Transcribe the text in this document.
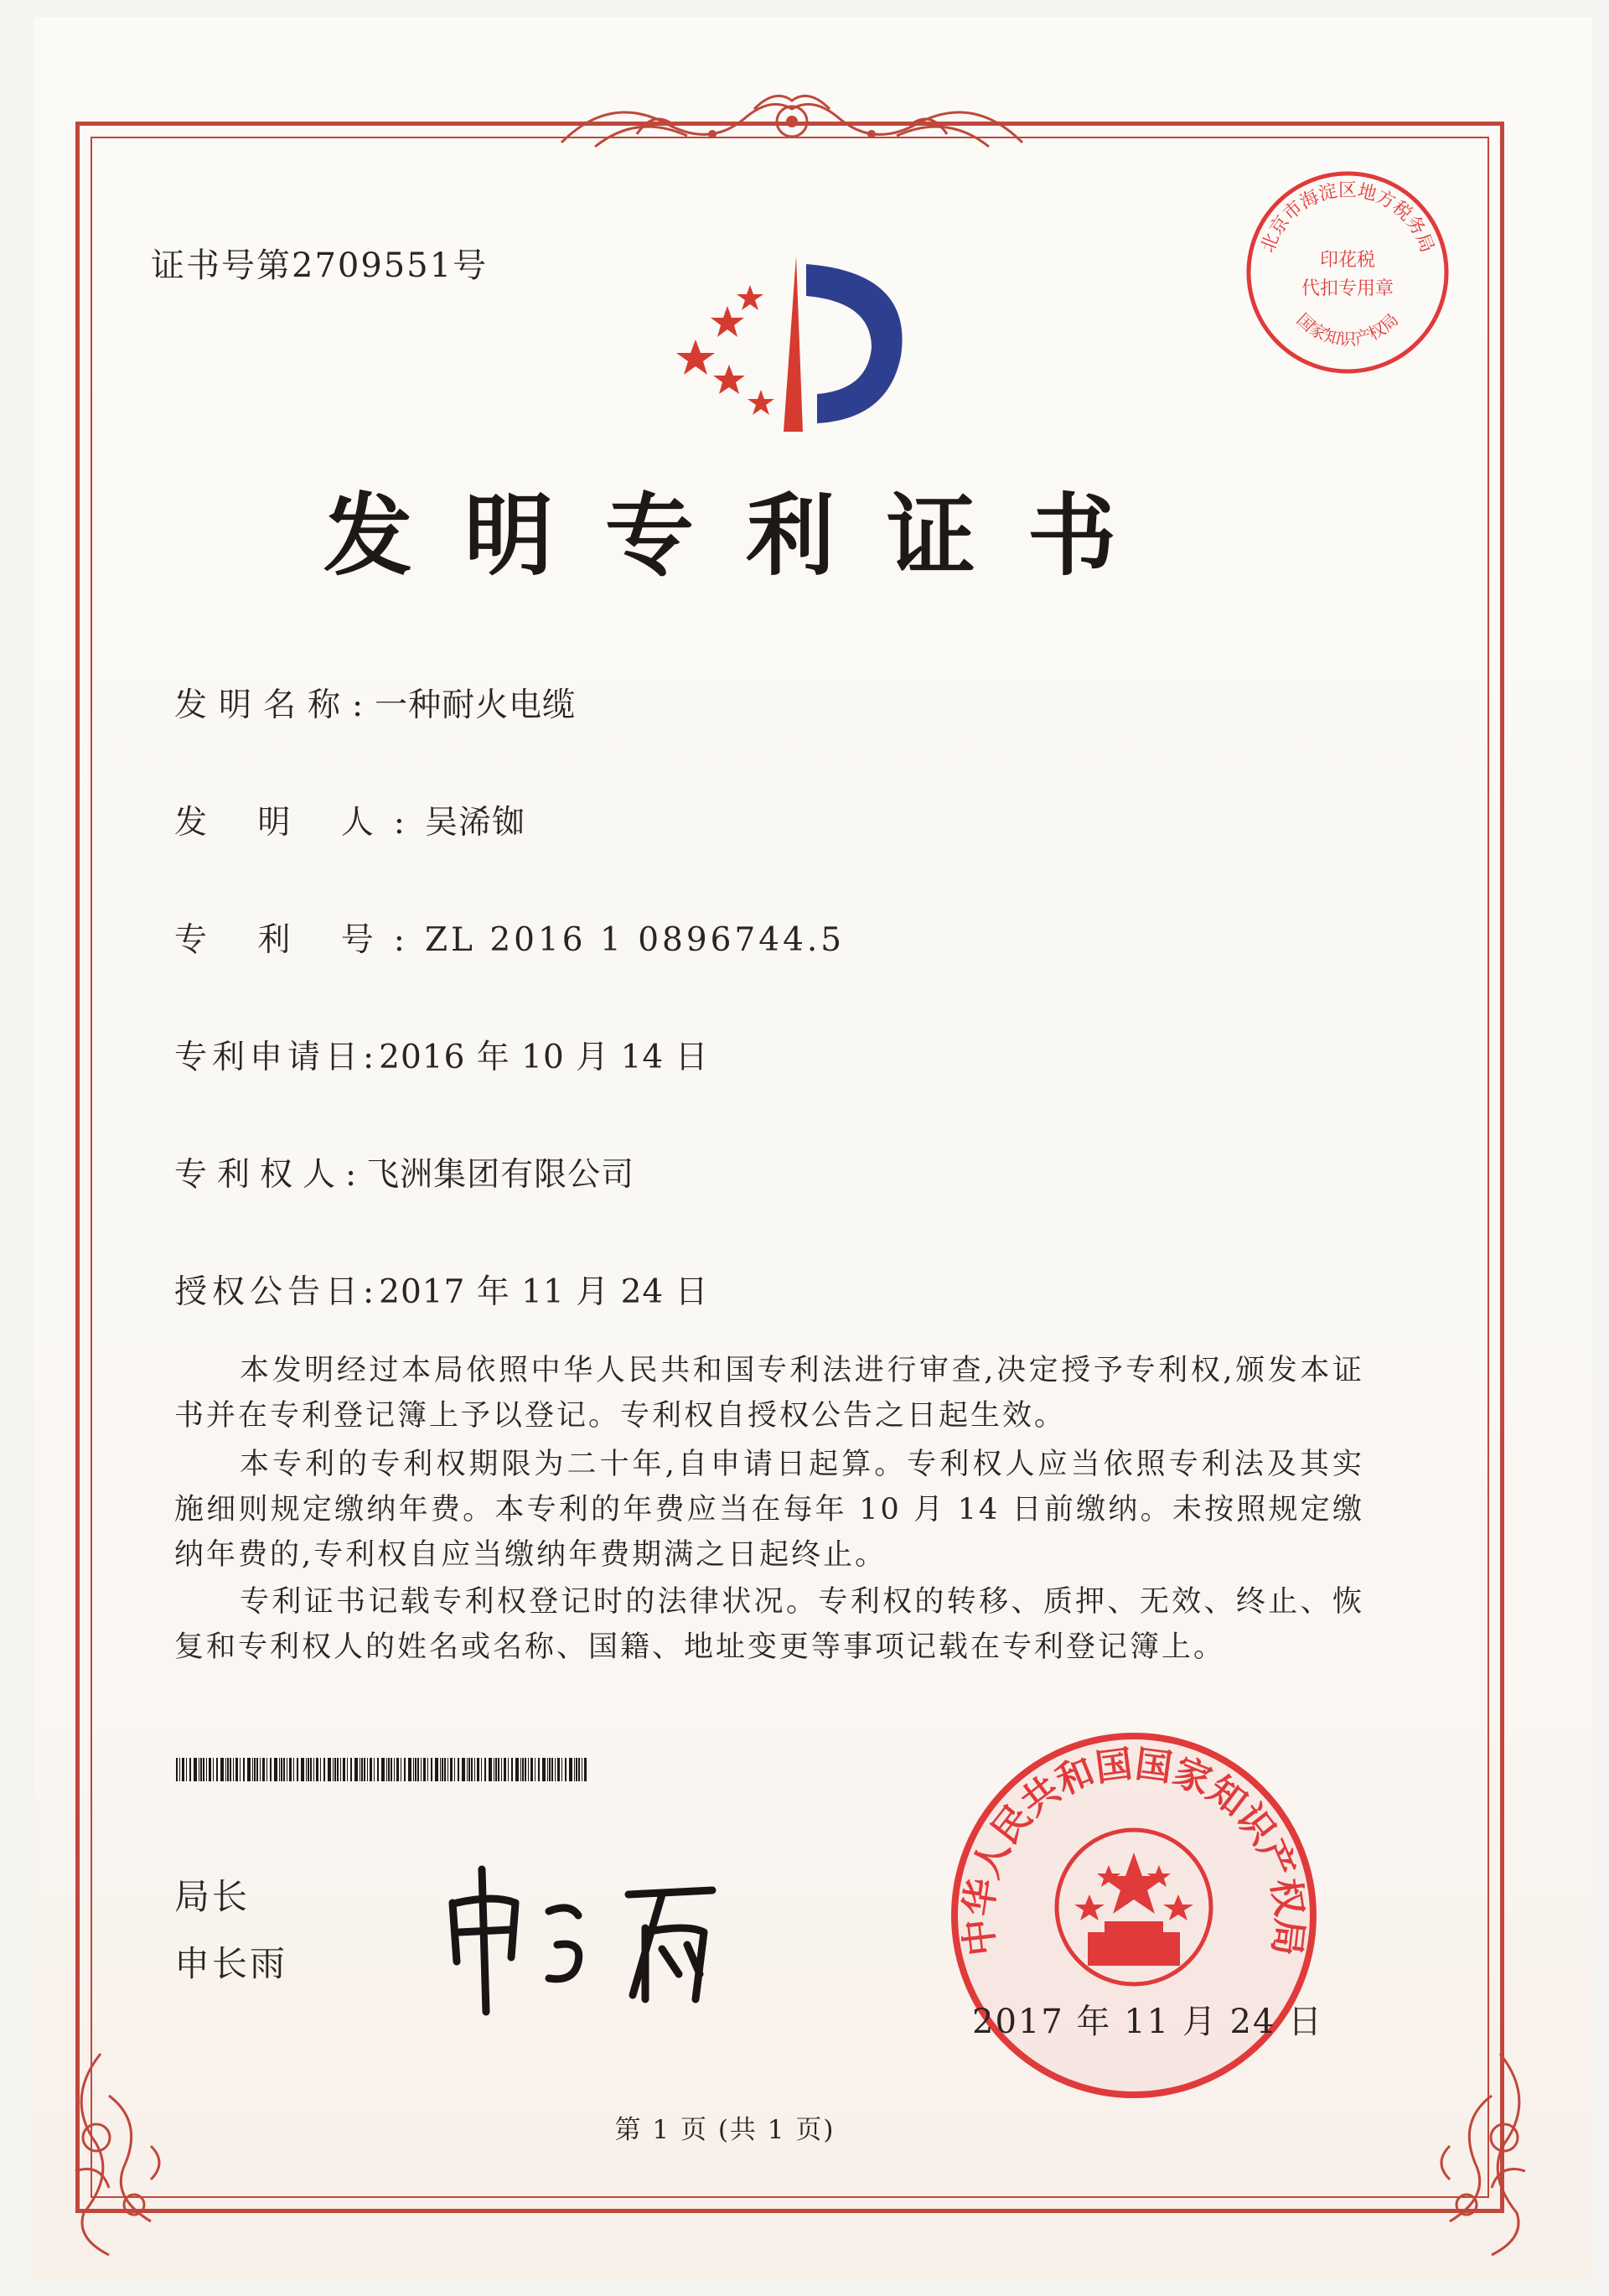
证书号第2709551号
发明专利证书
发明名称:一种耐火电缆
发 明 人:吴浠铷
专 利 号:ZL 2016 1 0896744.5
专利申请日:2016 年 10 月 14 日
专利权人:飞洲集团有限公司
授权公告日:2017 年 11 月 24 日
本发明经过本局依照中华人民共和国专利法进行审查,决定授予专利权,颁发本证书并在专利登记簿上予以登记。专利权自授权公告之日起生效。
本专利的专利权期限为二十年,自申请日起算。专利权人应当依照专利法及其实施细则规定缴纳年费。本专利的年费应当在每年 10 月 14 日前缴纳。未按照规定缴纳年费的,专利权自应当缴纳年费期满之日起终止。
专利证书记载专利权登记时的法律状况。专利权的转移、质押、无效、终止、恢复和专利权人的姓名或名称、国籍、地址变更等事项记载在专利登记簿上。
局长
申长雨
北京市海淀区地方税务局
印花税
代扣专用章
国家知识产权局
中华人民共和国国家知识产权局
2017 年 11 月 24 日
第 1 页 (共 1 页)
